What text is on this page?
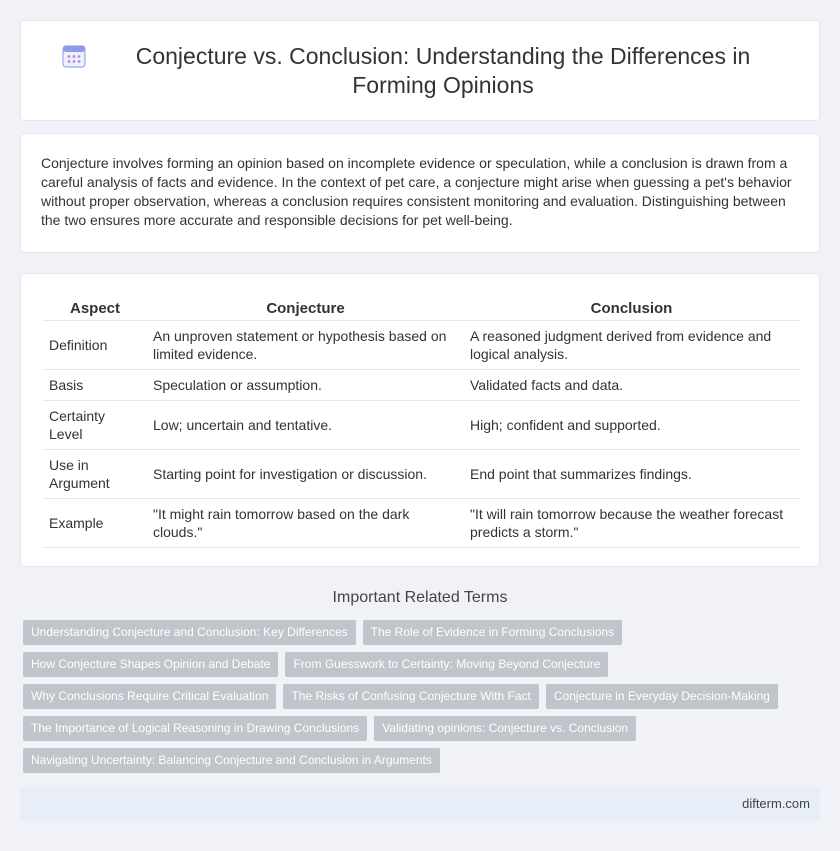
Conjecture vs. Conclusion: Understanding the Differences in Forming Opinions

Conjecture involves forming an opinion based on incomplete evidence or speculation, while a conclusion is drawn from a careful analysis of facts and evidence. In the context of pet care, a conjecture might arise when guessing a pet's behavior without proper observation, whereas a conclusion requires consistent monitoring and evaluation. Distinguishing between the two ensures more accurate and responsible decisions for pet well-being.

Aspect	Conjecture	Conclusion
Definition	An unproven statement or hypothesis based on limited evidence.	A reasoned judgment derived from evidence and logical analysis.
Basis	Speculation or assumption.	Validated facts and data.
Certainty Level	Low; uncertain and tentative.	High; confident and supported.
Use in Argument	Starting point for investigation or discussion.	End point that summarizes findings.
Example	"It might rain tomorrow based on the dark clouds."	"It will rain tomorrow because the weather forecast predicts a storm."
Important Related Terms
Understanding Conjecture and Conclusion: Key Differences	The Role of Evidence in Forming Conclusions
How Conjecture Shapes Opinion and Debate	From Guesswork to Certainty: Moving Beyond Conjecture
Why Conclusions Require Critical Evaluation	The Risks of Confusing Conjecture With Fact	Conjecture in Everyday Decision-Making
The Importance of Logical Reasoning in Drawing Conclusions	Validating opinions: Conjecture vs. Conclusion
Navigating Uncertainty: Balancing Conjecture and Conclusion in Arguments
difterm.com
